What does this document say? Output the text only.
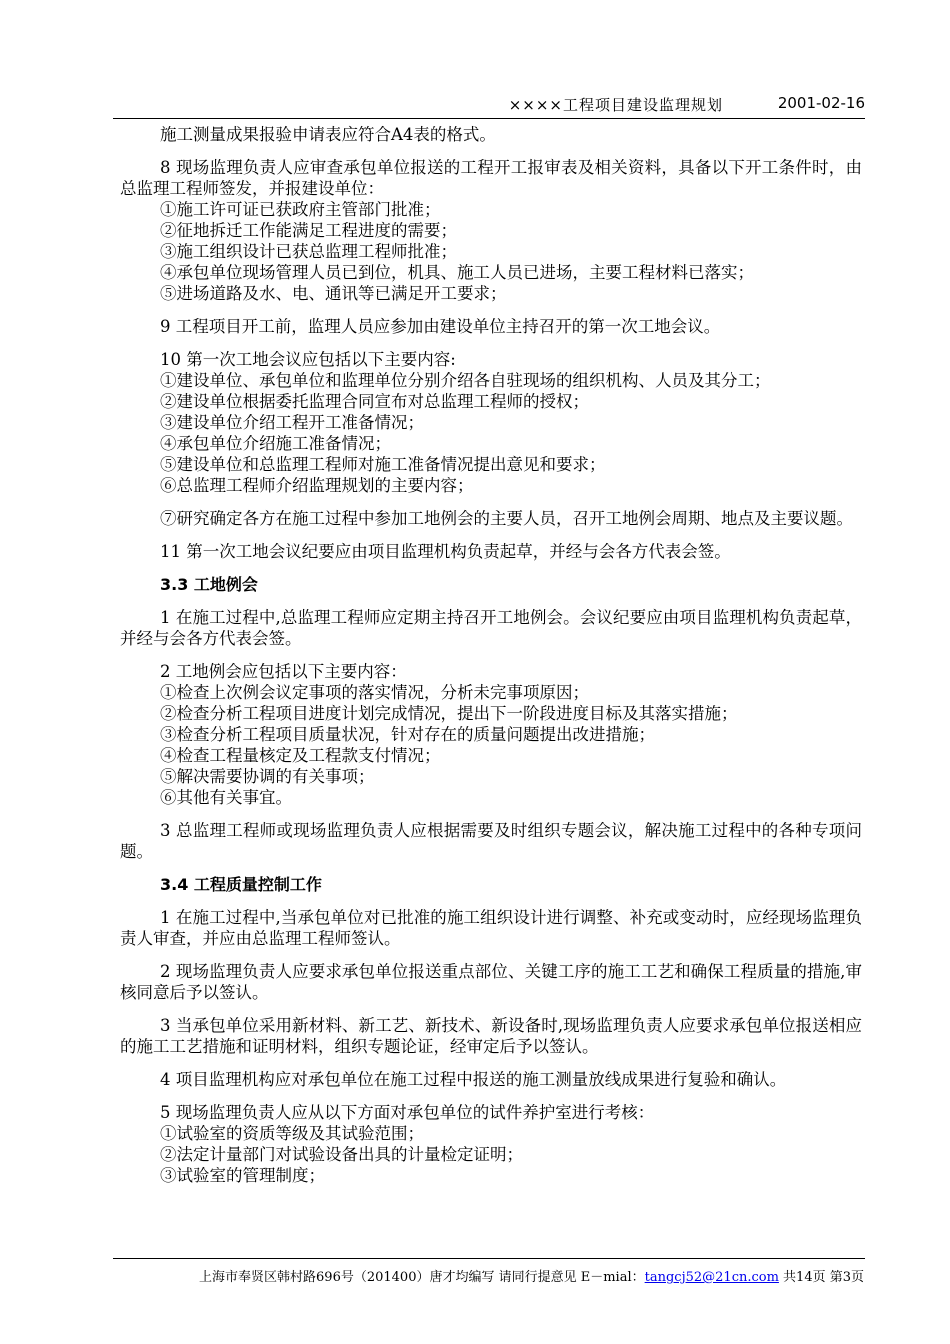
××××工程项目建设监理规划	2001-02-16

施工测量成果报验申请表应符合A4表的格式。

8 现场监理负责人应审查承包单位报送的工程开工报审表及相关资料，具备以下开工条件时，由总监理工程师签发，并报建设单位：

①施工许可证已获政府主管部门批准；

②征地拆迁工作能满足工程进度的需要；

③施工组织设计已获总监理工程师批准；

④承包单位现场管理人员已到位，机具、施工人员已进场，主要工程材料已落实；

⑤进场道路及水、电、通讯等已满足开工要求；

9 工程项目开工前，监理人员应参加由建设单位主持召开的第一次工地会议。

10 第一次工地会议应包括以下主要内容:

①建设单位、承包单位和监理单位分别介绍各自驻现场的组织机构、人员及其分工；

②建设单位根据委托监理合同宣布对总监理工程师的授权；

③建设单位介绍工程开工准备情况；

④承包单位介绍施工准备情况；

⑤建设单位和总监理工程师对施工准备情况提出意见和要求；

⑥总监理工程师介绍监理规划的主要内容；

⑦研究确定各方在施工过程中参加工地例会的主要人员，召开工地例会周期、地点及主要议题。

11 第一次工地会议纪要应由项目监理机构负责起草，并经与会各方代表会签。

3.3 工地例会

1 在施工过程中,总监理工程师应定期主持召开工地例会。会议纪要应由项目监理机构负责起草，并经与会各方代表会签。

2 工地例会应包括以下主要内容：

①检查上次例会议定事项的落实情况，分析未完事项原因；

②检查分析工程项目进度计划完成情况，提出下一阶段进度目标及其落实措施；

③检查分析工程项目质量状况，针对存在的质量问题提出改进措施；

④检查工程量核定及工程款支付情况；

⑤解决需要协调的有关事项；

⑥其他有关事宜。

3 总监理工程师或现场监理负责人应根据需要及时组织专题会议，解决施工过程中的各种专项问题。

3.4 工程质量控制工作

1 在施工过程中,当承包单位对已批准的施工组织设计进行调整、补充或变动时，应经现场监理负责人审查，并应由总监理工程师签认。

2 现场监理负责人应要求承包单位报送重点部位、关键工序的施工工艺和确保工程质量的措施,审核同意后予以签认。

3 当承包单位采用新材料、新工艺、新技术、新设备时,现场监理负责人应要求承包单位报送相应的施工工艺措施和证明材料，组织专题论证，经审定后予以签认。

4 项目监理机构应对承包单位在施工过程中报送的施工测量放线成果进行复验和确认。

5 现场监理负责人应从以下方面对承包单位的试件养护室进行考核：

①试验室的资质等级及其试验范围；

②法定计量部门对试验设备出具的计量检定证明；

③试验室的管理制度；

上海市奉贤区韩村路696号（201400）唐才均编写 请同行提意见 E－mial：tangcj52@21cn.com 共14页 第3页
